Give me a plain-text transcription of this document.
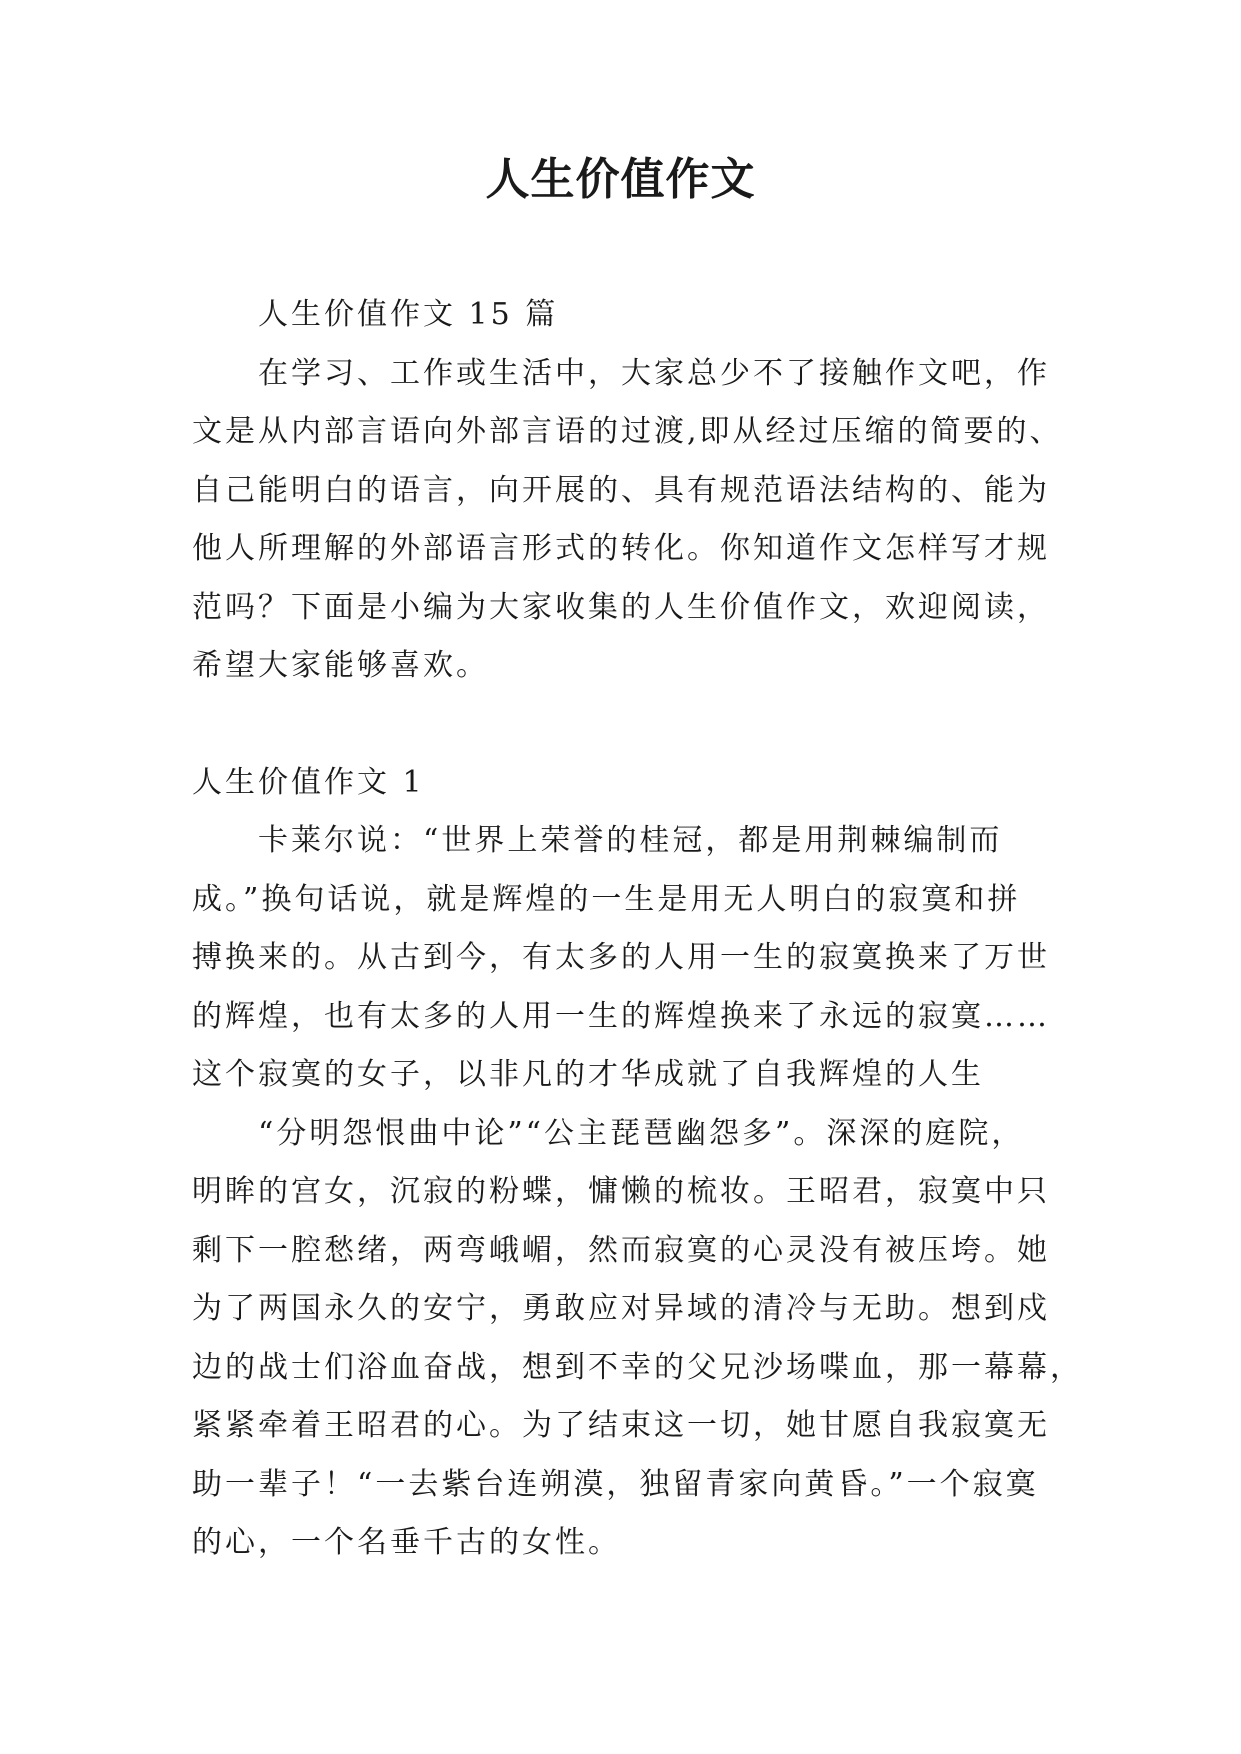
人生价值作文
人生价值作文 15 篇
在学习、工作或生活中，大家总少不了接触作文吧，作
文是从内部言语向外部言语的过渡,即从经过压缩的简要的、
自己能明白的语言，向开展的、具有规范语法结构的、能为
他人所理解的外部语言形式的转化。你知道作文怎样写才规
范吗？下面是小编为大家收集的人生价值作文，欢迎阅读，
希望大家能够喜欢。
人生价值作文 1
卡莱尔说：“世界上荣誉的桂冠，都是用荆棘编制而
成。”换句话说，就是辉煌的一生是用无人明白的寂寞和拼
搏换来的。从古到今，有太多的人用一生的寂寞换来了万世
的辉煌，也有太多的人用一生的辉煌换来了永远的寂寞……
这个寂寞的女子，以非凡的才华成就了自我辉煌的人生
“分明怨恨曲中论”“公主琵琶幽怨多”。深深的庭院，
明眸的宫女，沉寂的粉蝶，慵懒的梳妆。王昭君，寂寞中只
剩下一腔愁绪，两弯峨嵋，然而寂寞的心灵没有被压垮。她
为了两国永久的安宁，勇敢应对异域的清冷与无助。想到戍
边的战士们浴血奋战，想到不幸的父兄沙场喋血，那一幕幕，
紧紧牵着王昭君的心。为了结束这一切，她甘愿自我寂寞无
助一辈子！“一去紫台连朔漠，独留青家向黄昏。”一个寂寞
的心，一个名垂千古的女性。
